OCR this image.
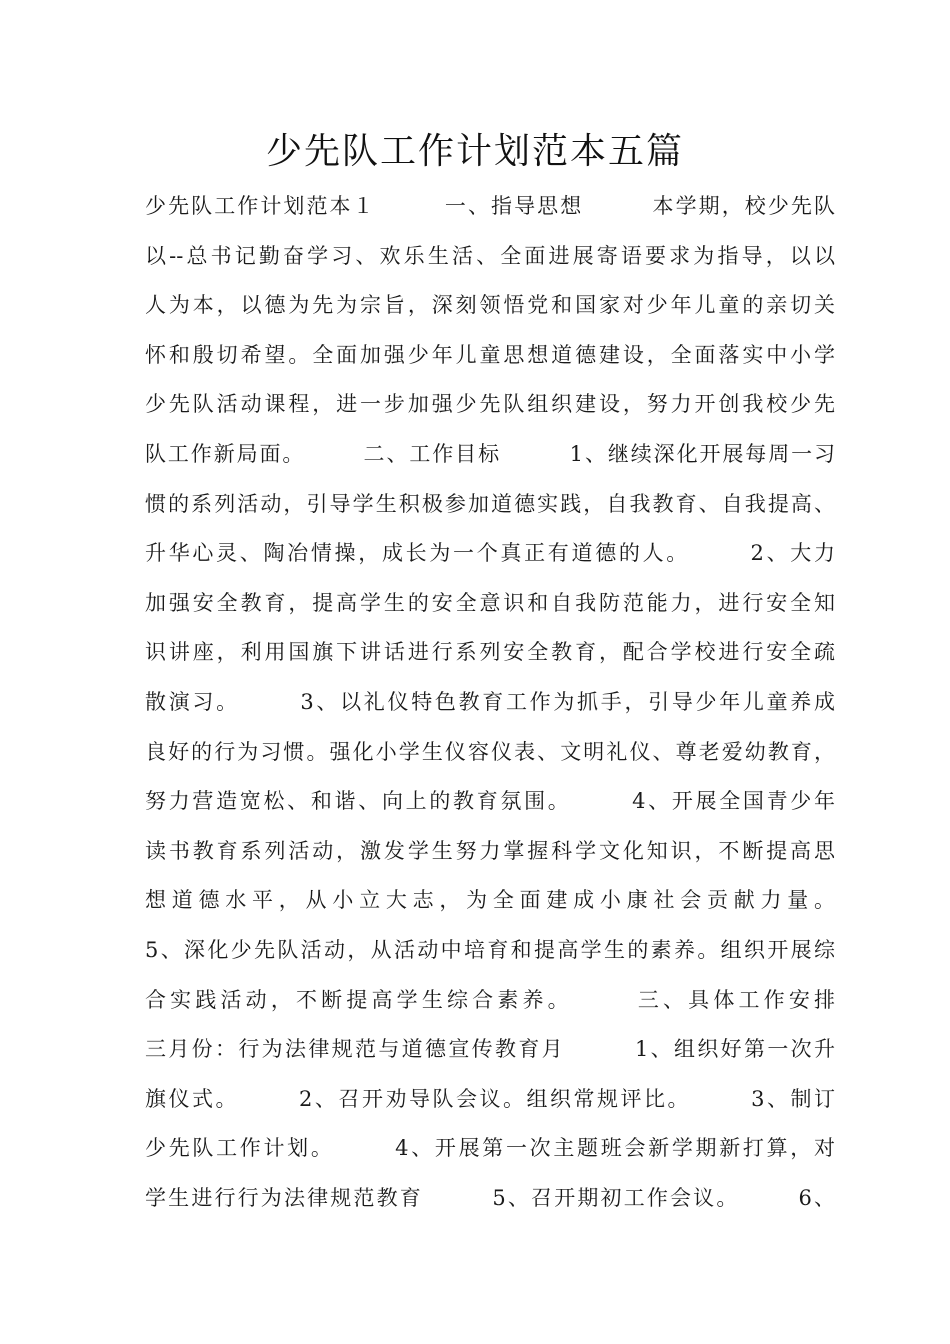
少先队工作计划范本五篇
少先队工作计划范本１　　　一、指导思想　　　本学期，校少先队
以--总书记勤奋学习、欢乐生活、全面进展寄语要求为指导，以以
人为本，以德为先为宗旨，深刻领悟党和国家对少年儿童的亲切关
怀和殷切希望。全面加强少年儿童思想道德建设，全面落实中小学
少先队活动课程，进一步加强少先队组织建设，努力开创我校少先
队工作新局面。　　　二、工作目标　　　1、继续深化开展每周一习
惯的系列活动，引导学生积极参加道德实践，自我教育、自我提高、
升华心灵、陶冶情操，成长为一个真正有道德的人。　　　2、大力
加强安全教育，提高学生的安全意识和自我防范能力，进行安全知
识讲座，利用国旗下讲话进行系列安全教育，配合学校进行安全疏
散演习。　　　3、以礼仪特色教育工作为抓手，引导少年儿童养成
良好的行为习惯。强化小学生仪容仪表、文明礼仪、尊老爱幼教育，
努力营造宽松、和谐、向上的教育氛围。　　　4、开展全国青少年
读书教育系列活动，激发学生努力掌握科学文化知识，不断提高思
想道德水平，从小立大志，为全面建成小康社会贡献力量。
5、深化少先队活动，从活动中培育和提高学生的素养。组织开展综
合实践活动，不断提高学生综合素养。　　　三、具体工作安排
三月份：行为法律规范与道德宣传教育月　　　1、组织好第一次升
旗仪式。　　　2、召开劝导队会议。组织常规评比。　　　3、制订
少先队工作计划。　　　4、开展第一次主题班会新学期新打算，对
学生进行行为法律规范教育　　　5、召开期初工作会议。　　　6、
